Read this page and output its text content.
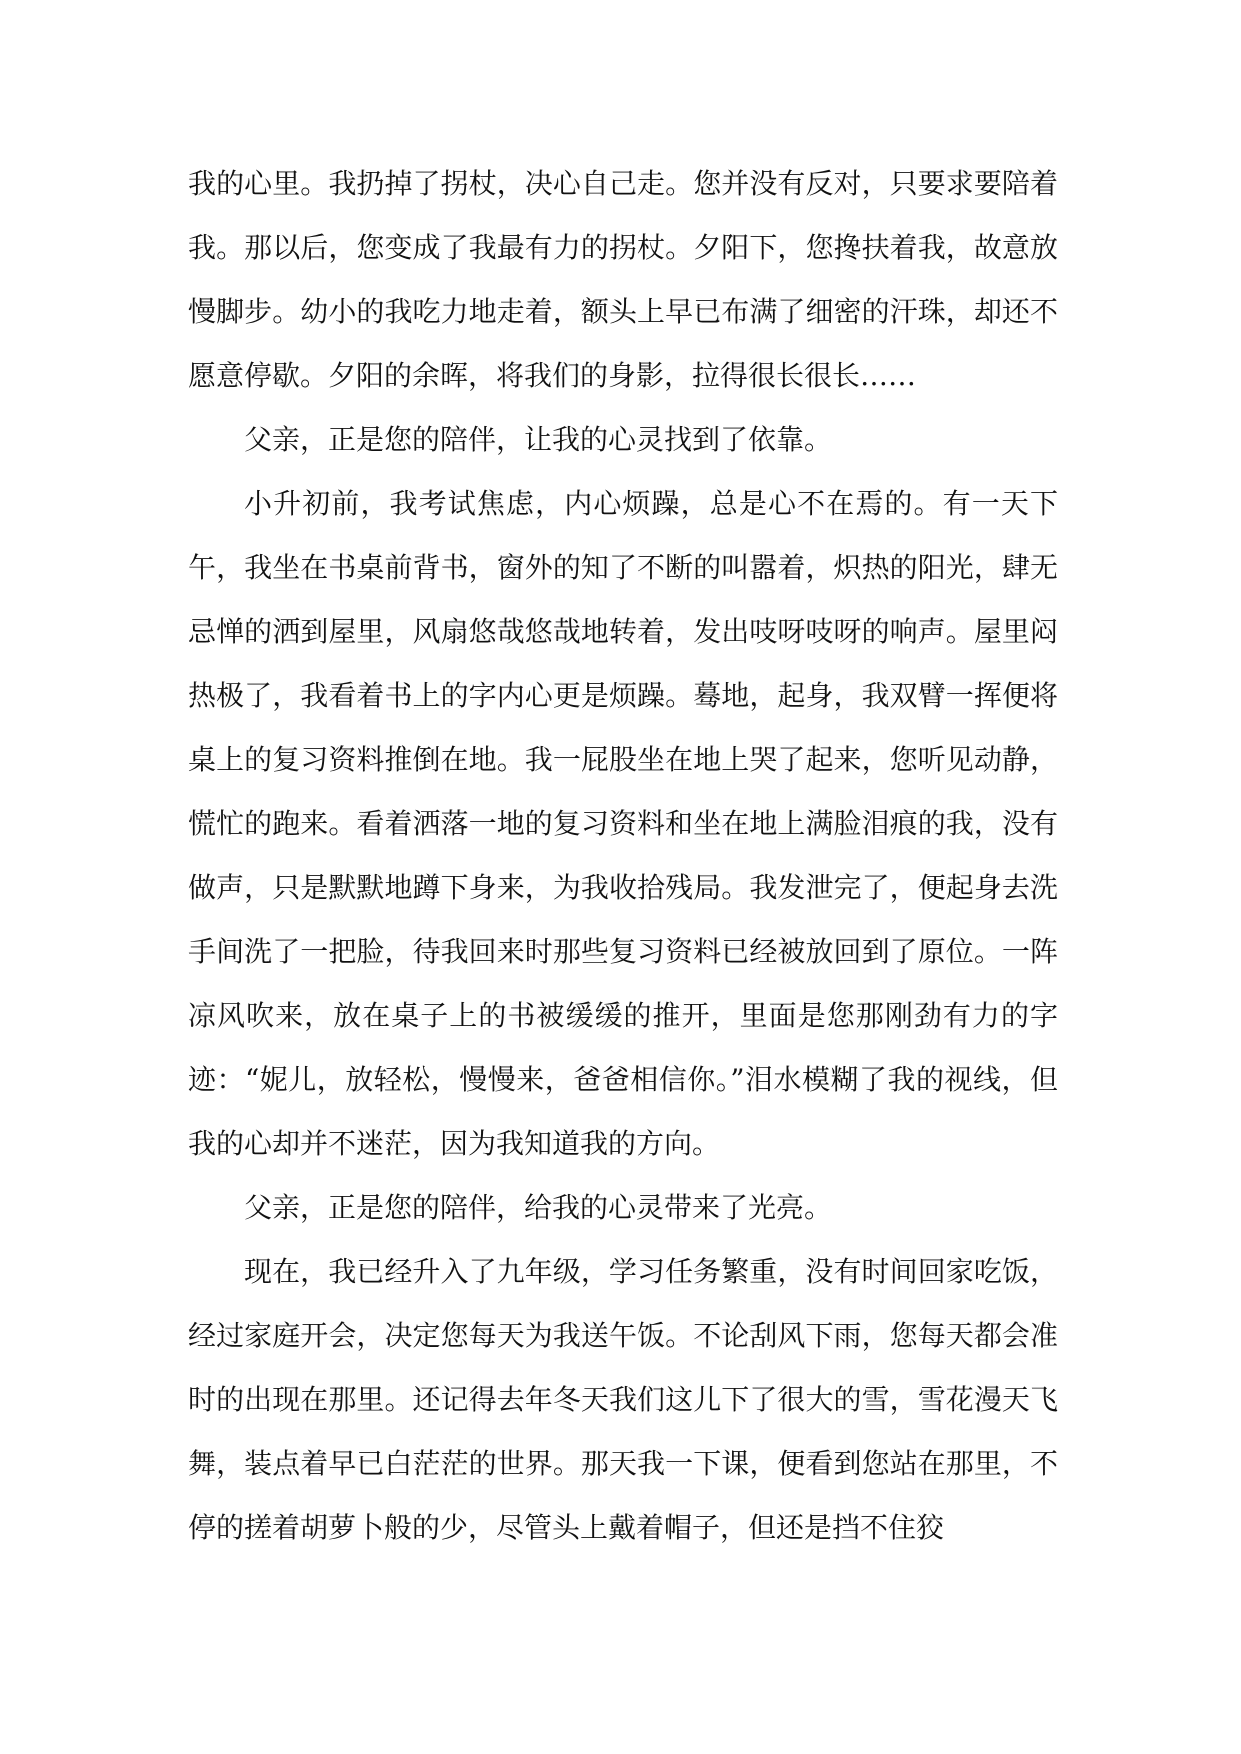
我的心里。我扔掉了拐杖，决心自己走。您并没有反对，只要求要陪着我。那以后，您变成了我最有力的拐杖。夕阳下，您搀扶着我，故意放慢脚步。幼小的我吃力地走着，额头上早已布满了细密的汗珠，却还不愿意停歇。夕阳的余晖，将我们的身影，拉得很长很长……

父亲，正是您的陪伴，让我的心灵找到了依靠。

小升初前，我考试焦虑，内心烦躁，总是心不在焉的。有一天下午，我坐在书桌前背书，窗外的知了不断的叫嚣着，炽热的阳光，肆无忌惮的洒到屋里，风扇悠哉悠哉地转着，发出吱呀吱呀的响声。屋里闷热极了，我看着书上的字内心更是烦躁。蓦地，起身，我双臂一挥便将桌上的复习资料推倒在地。我一屁股坐在地上哭了起来，您听见动静，慌忙的跑来。看着洒落一地的复习资料和坐在地上满脸泪痕的我，没有做声，只是默默地蹲下身来，为我收拾残局。我发泄完了，便起身去洗手间洗了一把脸，待我回来时那些复习资料已经被放回到了原位。一阵凉风吹来，放在桌子上的书被缓缓的推开，里面是您那刚劲有力的字迹：“妮儿，放轻松，慢慢来，爸爸相信你。”泪水模糊了我的视线，但我的心却并不迷茫，因为我知道我的方向。

父亲，正是您的陪伴，给我的心灵带来了光亮。

现在，我已经升入了九年级，学习任务繁重，没有时间回家吃饭，经过家庭开会，决定您每天为我送午饭。不论刮风下雨，您每天都会准时的出现在那里。还记得去年冬天我们这儿下了很大的雪，雪花漫天飞舞，装点着早已白茫茫的世界。那天我一下课，便看到您站在那里，不停的搓着胡萝卜般的少，尽管头上戴着帽子，但还是挡不住狡
